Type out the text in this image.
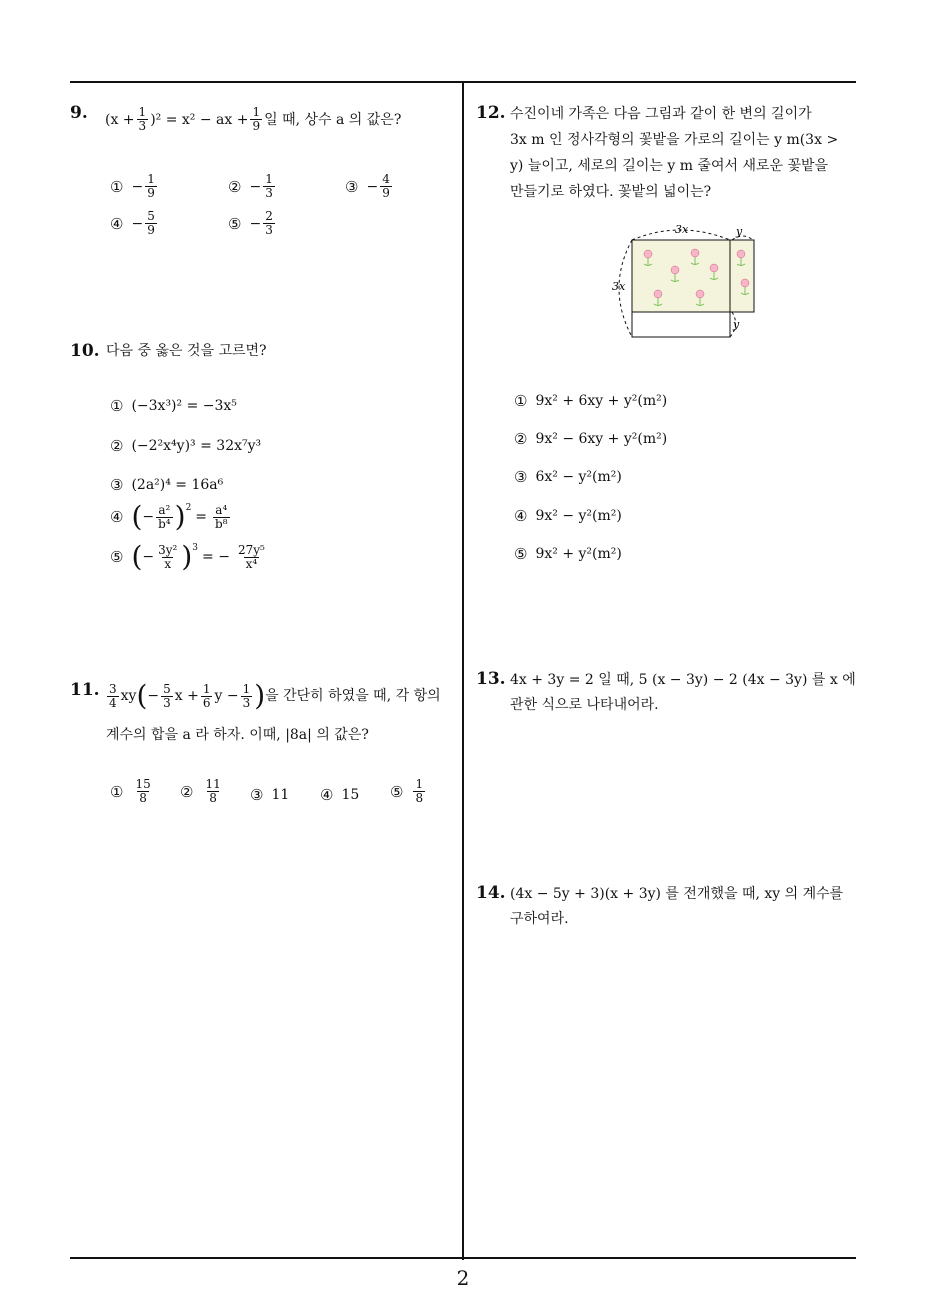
2
9. $(x + \frac{1}{3} )^2 = x^2$ − ax + $\frac{1}{9}$ 일 때, 상수 a 의 값은?
① − $\frac{1}{9}$	② − $\frac{1}{3}$	③ − $\frac{4}{9}$
④ − $\frac{5}{9}$	⑤ − $\frac{2}{3}$
10. 다음 중 옳은 것을 고르면?
① (−3x³)² = −3x⁵
② (−2²x⁴y)³ = 32x⁷y³
③ (2a²)⁴ = 16a⁶
④ ( − $\frac{\text{a²}}{\text{b⁴}}$ ) 2
= $\frac{\text{a⁴}}{\text{b⁸}}$
⑤ ( − $\frac{\text{3y²}}{x}$ ) 3
= − $\frac{\text{27y⁵}}{\text{x⁴}}$
11. $\frac{3}{4}$ xy ( − $\frac{5}{3}$ $x + \frac{1}{6}$ $y - \frac{1}{3}$ ) 을 간단히 하였을 때, 각 항의
계수의 합을 a 라 하자. 이때, |8a| 의 값은?
① $\frac{15}{8}$ ② $\frac{11}{8}$ ③ 11 ④ 15 ⑤ $\frac{1}{8}$
12. 수진이네 가족은 다음 그림과 같이 한 변의 길이가
3x m 인 정사각형의 꽃밭을 가로의 길이는 y m(3x >
y) 늘이고, 세로의 길이는 y m 줄여서 새로운 꽃밭을
만들기로 하였다. 꽃밭의 넓이는?
3x	y
3x
y
① 9x² + 6xy + y²(m²)
② 9x² − 6xy + y²(m²)
③ 6x² − y²(m²)
④ 9x² − y²(m²)
⑤ 9x² + y²(m²)
13. 4x + 3y = 2 일 때, 5 (x − 3y) − 2 (4x − 3y) 를 x 에
관한 식으로 나타내어라.
14. (4x − 5y + 3)(x + 3y) 를 전개했을 때, xy 의 계수를
구하여라.
